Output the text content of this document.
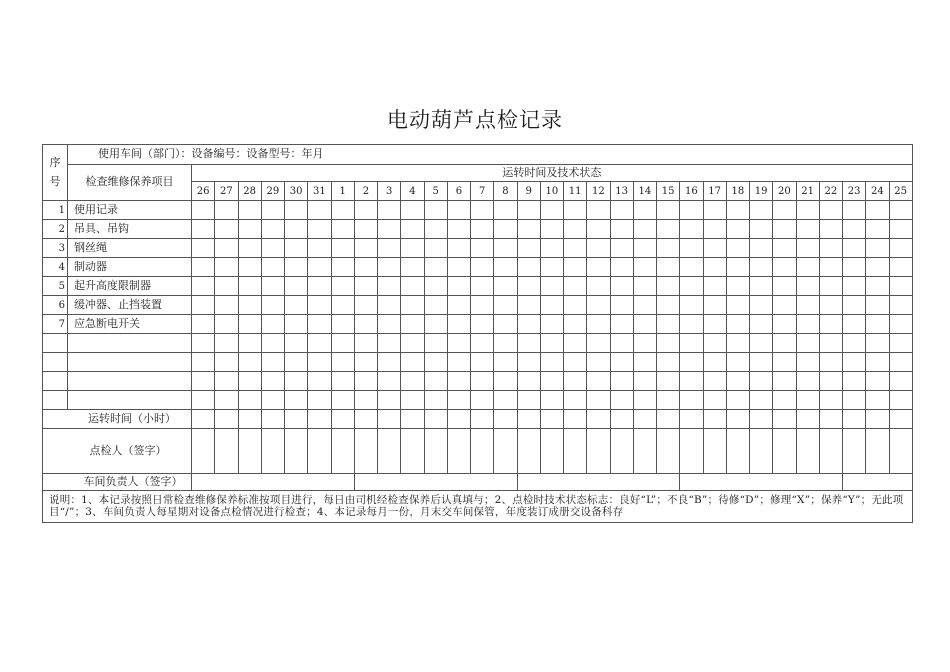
电动葫芦点检记录
序
号	使用车间（部门）：设备编号：设备型号：年月																															
	检查维修保养项目	运转时间及技术状态																														
		26	27	28	29	30	31	1	2	3	4	5	6	7	8	9	10	11	12	13	14	15	16	17	18	19	20	21	22	23	24	25
1	使用记录																															
2	吊具、吊钩																															
3	钢丝绳																															
4	制动器																															
5	起升高度限制器																															
6	缓冲器、止挡装置																															
7	应急断电开关																															

运转时间（小时）																																
点检人（签字）																																
车间负责人（签字）																																
说明：1、本记录按照日常检查维修保养标准按项目进行，每日由司机经检查保养后认真填与；2、点检时技术状态标志：良好“L”；不良“B”；待修“D”；修理“X”；保养“Y”；无此项目“/”；3、车间负责人每星期对设备点检情况进行检查；4、本记录每月一份，月末交车间保管，年度装订成册交设备科存																																
